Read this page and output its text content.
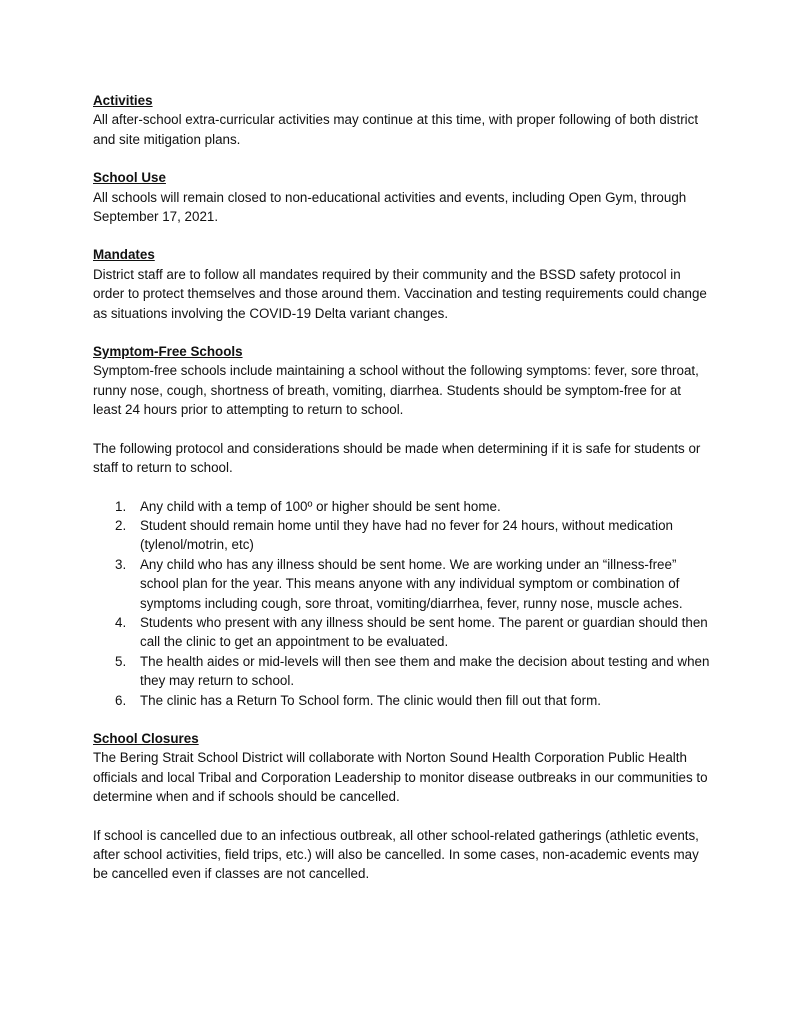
Activities

All after-school extra-curricular activities may continue at this time, with proper following of both district and site mitigation plans.

School Use

All schools will remain closed to non-educational activities and events, including Open Gym, through September 17, 2021.

Mandates

District staff are to follow all mandates required by their community and the BSSD safety protocol in order to protect themselves and those around them. Vaccination and testing requirements could change as situations involving the COVID-19 Delta variant changes.

Symptom-Free Schools

Symptom-free schools include maintaining a school without the following symptoms: fever, sore throat, runny nose, cough, shortness of breath, vomiting, diarrhea. Students should be symptom-free for at least 24 hours prior to attempting to return to school.

The following protocol and considerations should be made when determining if it is safe for students or staff to return to school.

1. Any child with a temp of 100º or higher should be sent home.
2. Student should remain home until they have had no fever for 24 hours, without medication (tylenol/motrin, etc)
3. Any child who has any illness should be sent home. We are working under an “illness-free” school plan for the year. This means anyone with any individual symptom or combination of symptoms including cough, sore throat, vomiting/diarrhea, fever, runny nose, muscle aches.
4. Students who present with any illness should be sent home. The parent or guardian should then call the clinic to get an appointment to be evaluated.
5. The health aides or mid-levels will then see them and make the decision about testing and when they may return to school.
6. The clinic has a Return To School form. The clinic would then fill out that form.

School Closures

The Bering Strait School District will collaborate with Norton Sound Health Corporation Public Health officials and local Tribal and Corporation Leadership to monitor disease outbreaks in our communities to determine when and if schools should be cancelled.

If school is cancelled due to an infectious outbreak, all other school-related gatherings (athletic events, after school activities, field trips, etc.) will also be cancelled. In some cases, non-academic events may be cancelled even if classes are not cancelled.
